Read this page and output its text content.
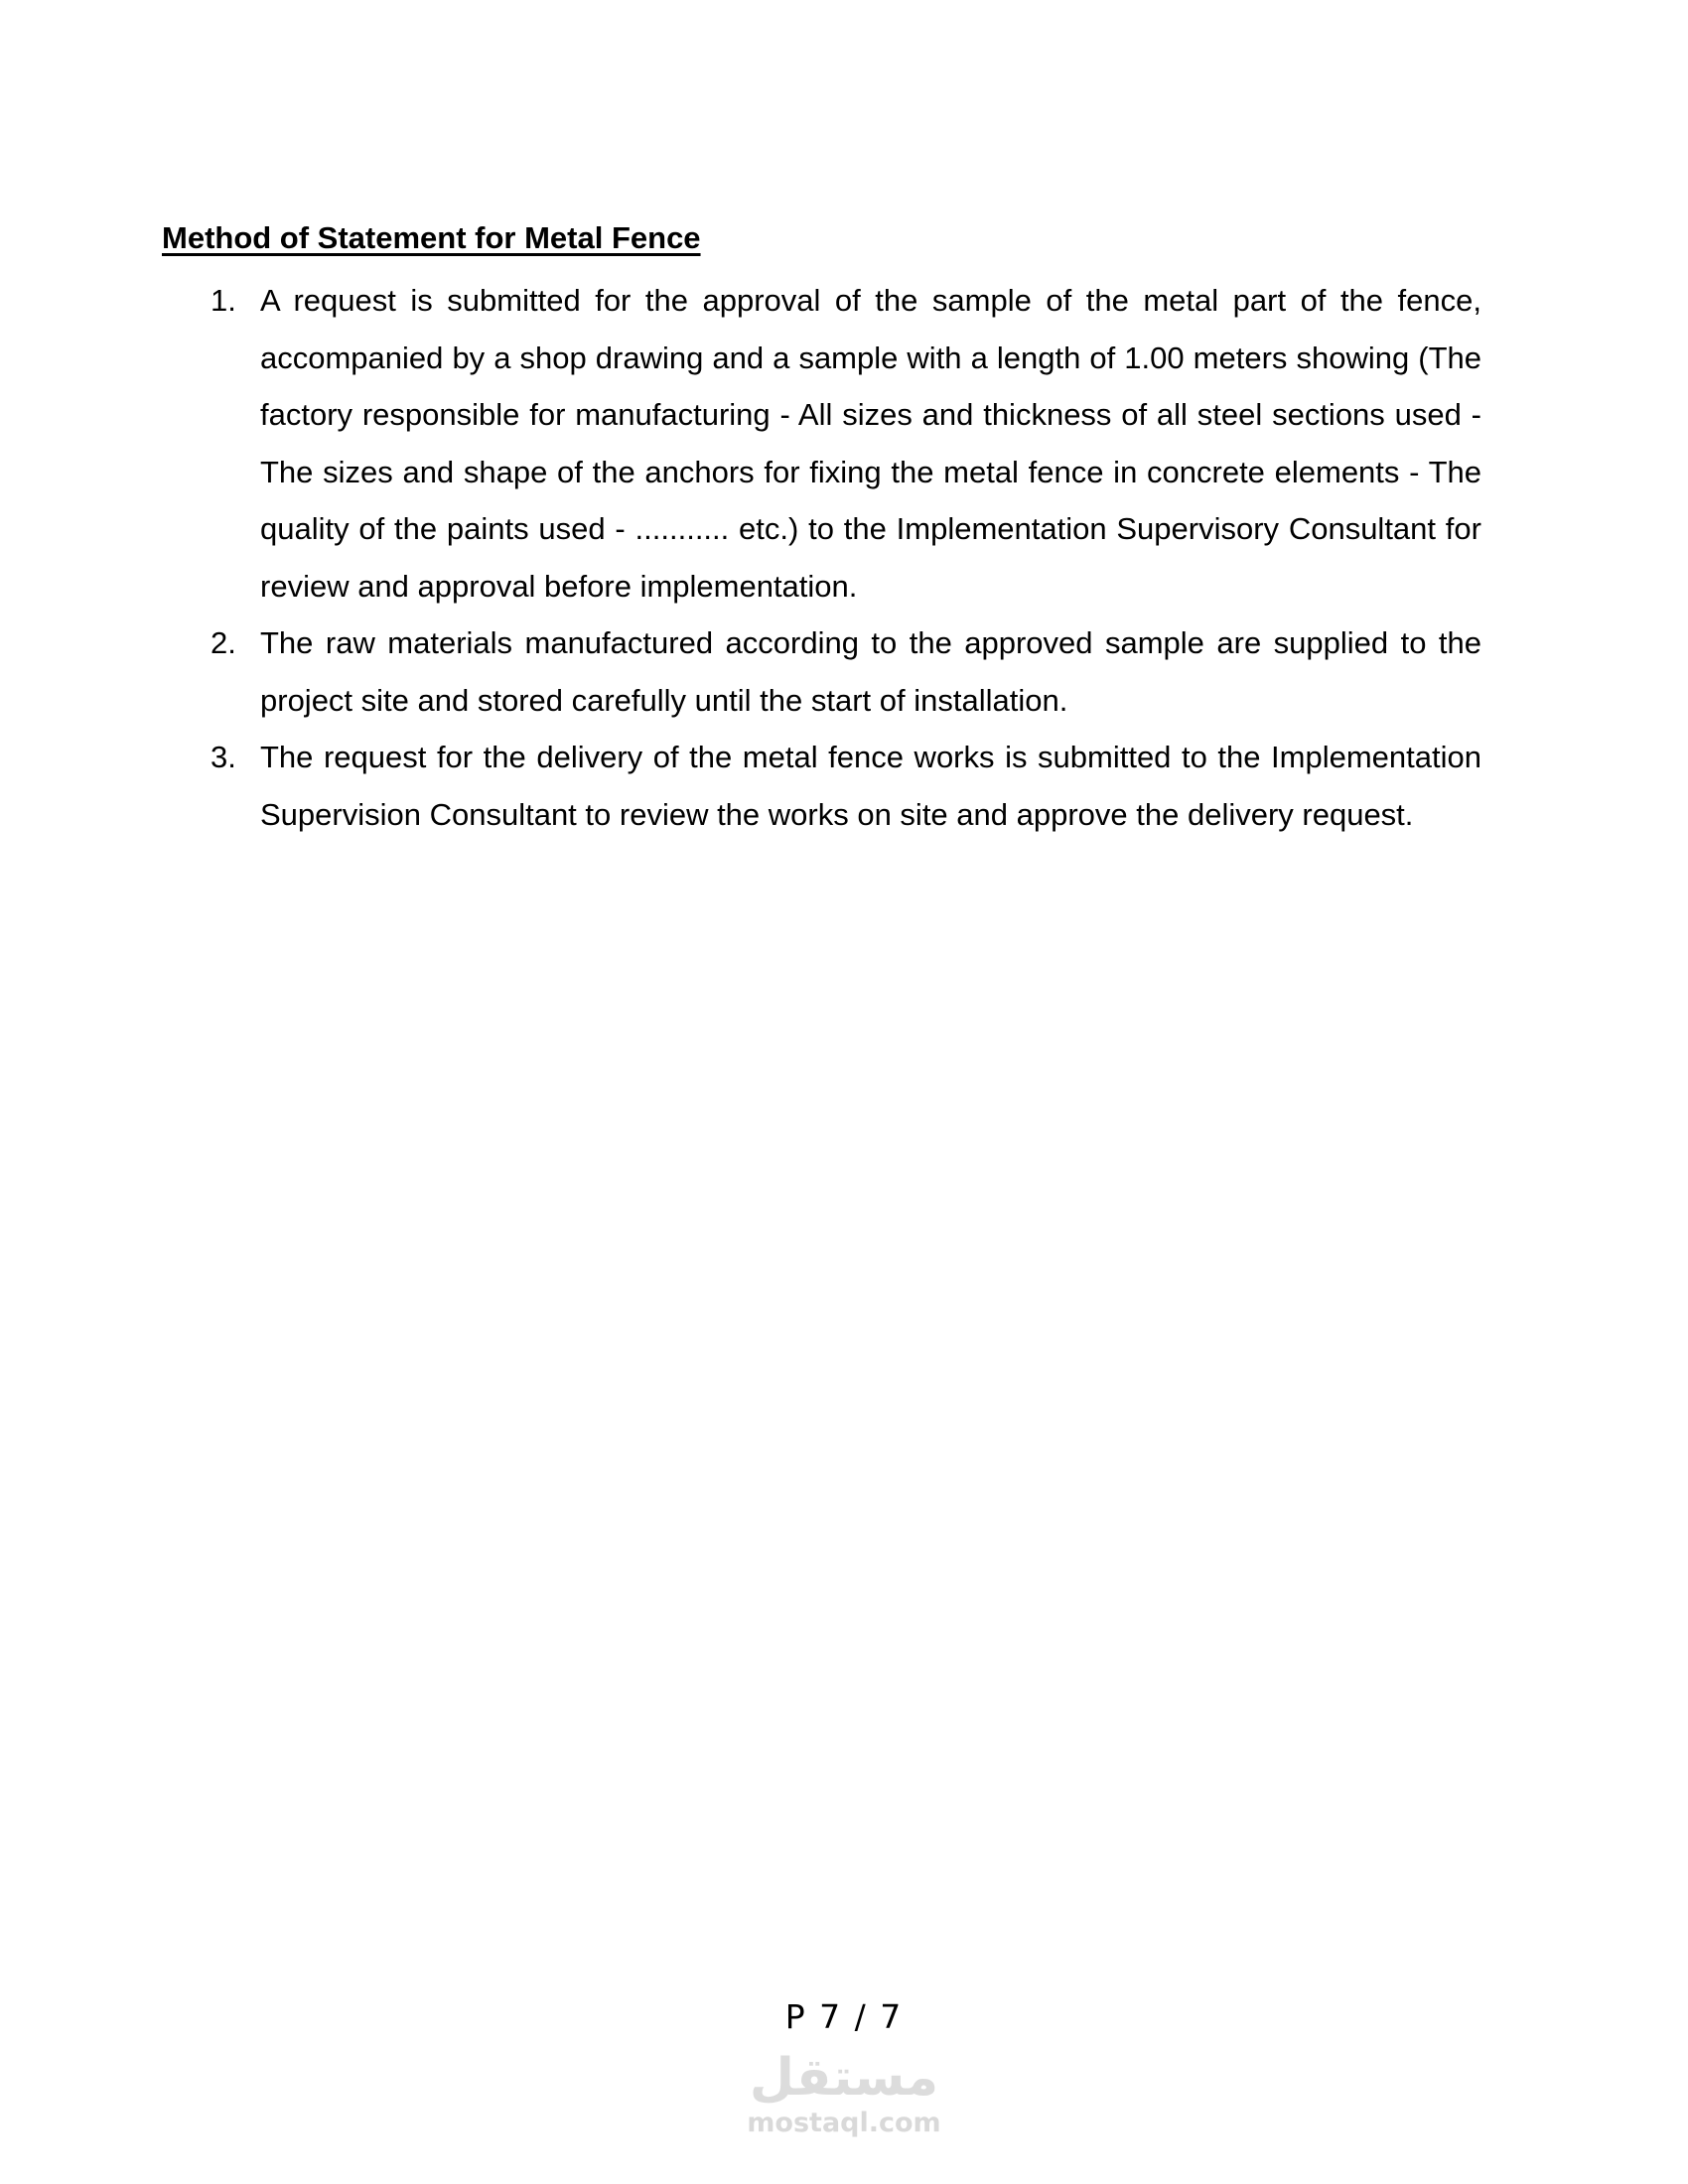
Method of Statement for Metal Fence
1. A request is submitted for the approval of the sample of the metal part of the fence, accompanied by a shop drawing and a sample with a length of 1.00 meters showing (The factory responsible for manufacturing - All sizes and thickness of all steel sections used - The sizes and shape of the anchors for fixing the metal fence in concrete elements - The quality of the paints used - ........... etc.) to the Implementation Supervisory Consultant for review and approval before implementation.
2. The raw materials manufactured according to the approved sample are supplied to the project site and stored carefully until the start of installation.
3. The request for the delivery of the metal fence works is submitted to the Implementation Supervision Consultant to review the works on site and approve the delivery request.
P 7 / 7
مستقل
mostaql.com
